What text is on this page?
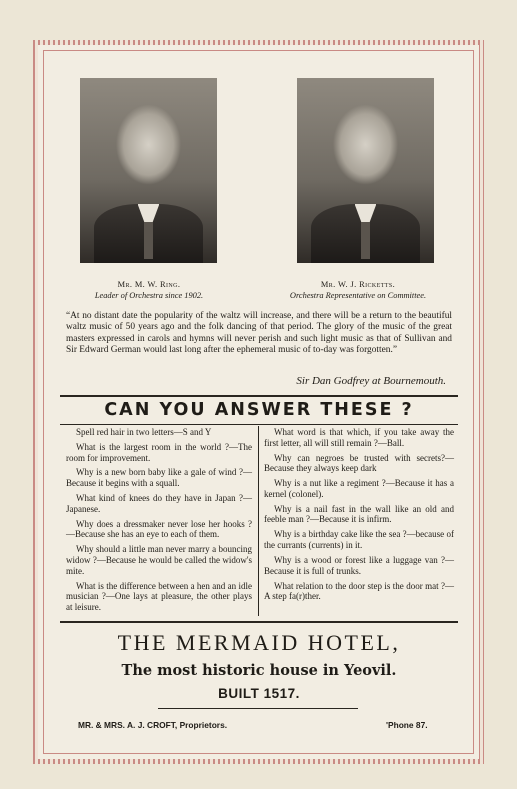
Mr. M. W. Ring.
Leader of Orchestra since 1902.
Mr. W. J. Ricketts.
Orchestra Representative on Committee.
“At no distant date the popularity of the waltz will increase, and there will be a return to the beautiful waltz music of 50 years ago and the folk dancing of that period. The glory of the music of the great masters expressed in carols and hymns will never perish and such light music as that of Sullivan and Sir Edward German would last long after the ephemeral music of to-day was forgotten.”
Sir Dan Godfrey at Bournemouth.
CAN YOU ANSWER THESE ?

Spell red hair in two letters—S and Y

What is the largest room in the world ?—The room for improvement.

Why is a new born baby like a gale of wind ?—Because it begins with a squall.

What kind of knees do they have in Japan ?—Japanese.

Why does a dressmaker never lose her hooks ?—Because she has an eye to each of them.

Why should a little man never marry a bouncing widow ?—Because he would be called the widow's mite.

What is the difference between a hen and an idle musician ?—One lays at pleasure, the other plays at leisure.

What word is that which, if you take away the first letter, all will still remain ?—Ball.

Why can negroes be trusted with secrets?—Because they always keep dark

Why is a nut like a regiment ?—Because it has a kernel (colonel).

Why is a nail fast in the wall like an old and feeble man ?—Because it is infirm.

Why is a birthday cake like the sea ?—because of the currants (currents) in it.

Why is a wood or forest like a luggage van ?—Because it is full of trunks.

What relation to the door step is the door mat ?—A step fa(r)ther.

THE MERMAID HOTEL,
The most historic house in Yeovil.
BUILT 1517.
MR. & MRS. A. J. CROFT, Proprietors.	'Phone 87.
